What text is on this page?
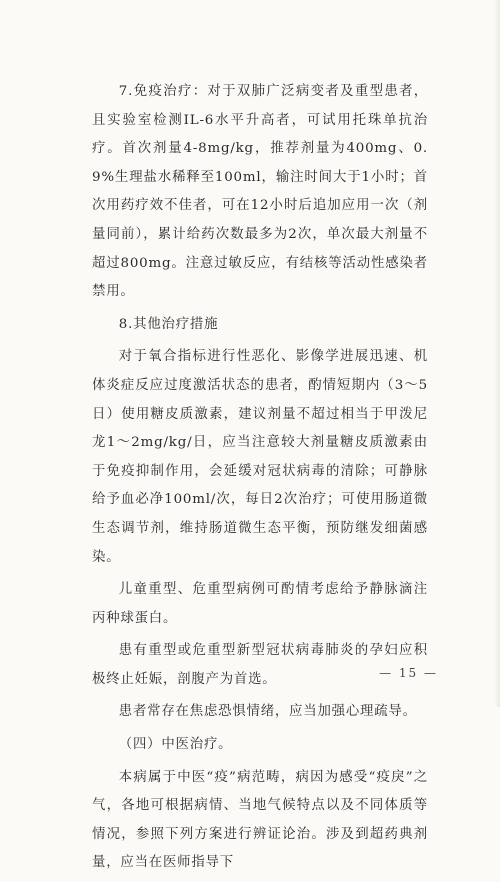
7.免疫治疗：对于双肺广泛病变者及重型患者，且实验室检测IL-6水平升高者，可试用托珠单抗治疗。首次剂量4-8mg/kg，推荐剂量为400mg、0.9%生理盐水稀释至100ml，输注时间大于1小时；首次用药疗效不佳者，可在12小时后追加应用一次（剂量同前），累计给药次数最多为2次，单次最大剂量不超过800mg。注意过敏反应，有结核等活动性感染者禁用。

8.其他治疗措施

对于氧合指标进行性恶化、影像学进展迅速、机体炎症反应过度激活状态的患者，酌情短期内（3～5日）使用糖皮质激素，建议剂量不超过相当于甲泼尼龙1～2mg/kg/日，应当注意较大剂量糖皮质激素由于免疫抑制作用，会延缓对冠状病毒的清除；可静脉给予血必净100ml/次，每日2次治疗；可使用肠道微生态调节剂，维持肠道微生态平衡，预防继发细菌感染。

儿童重型、危重型病例可酌情考虑给予静脉滴注丙种球蛋白。

患有重型或危重型新型冠状病毒肺炎的孕妇应积极终止妊娠，剖腹产为首选。

患者常存在焦虑恐惧情绪，应当加强心理疏导。

（四）中医治疗。

本病属于中医“疫”病范畴，病因为感受“疫戾”之气，各地可根据病情、当地气候特点以及不同体质等情况，参照下列方案进行辨证论治。涉及到超药典剂量，应当在医师指导下

— 15 —
